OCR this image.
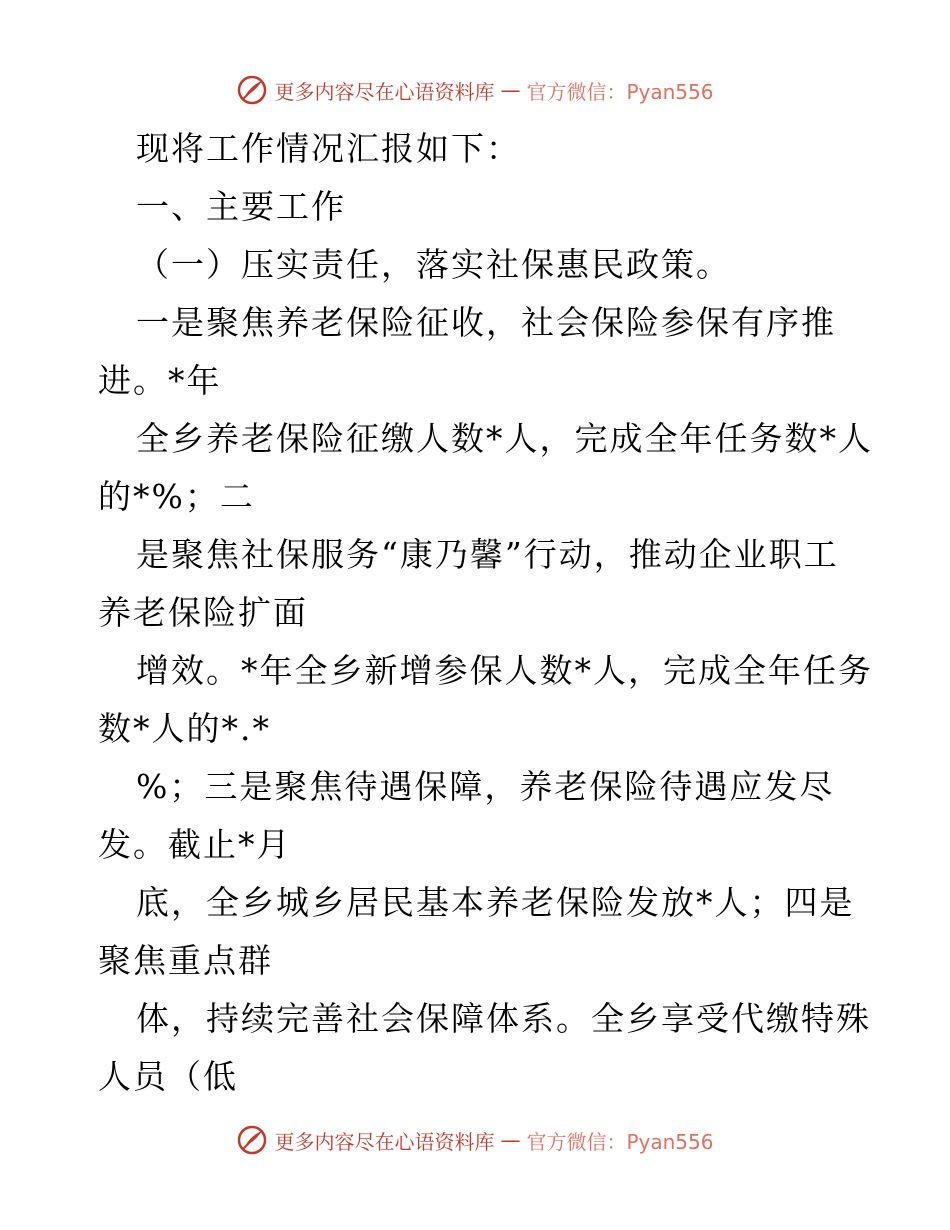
更多内容尽在心语资料库 — 官方微信：Pyan556
现将工作情况汇报如下：
一、主要工作
（一）压实责任，落实社保惠民政策。
一是聚焦养老保险征收，社会保险参保有序推
进。*年
全乡养老保险征缴人数*人，完成全年任务数*人
的*%；二
是聚焦社保服务“康乃馨”行动，推动企业职工
养老保险扩面
增效。*年全乡新增参保人数*人，完成全年任务
数*人的*.*
%；三是聚焦待遇保障，养老保险待遇应发尽
发。截止*月
底，全乡城乡居民基本养老保险发放*人；四是
聚焦重点群
体，持续完善社会保障体系。全乡享受代缴特殊
人员（低
更多内容尽在心语资料库 — 官方微信：Pyan556
